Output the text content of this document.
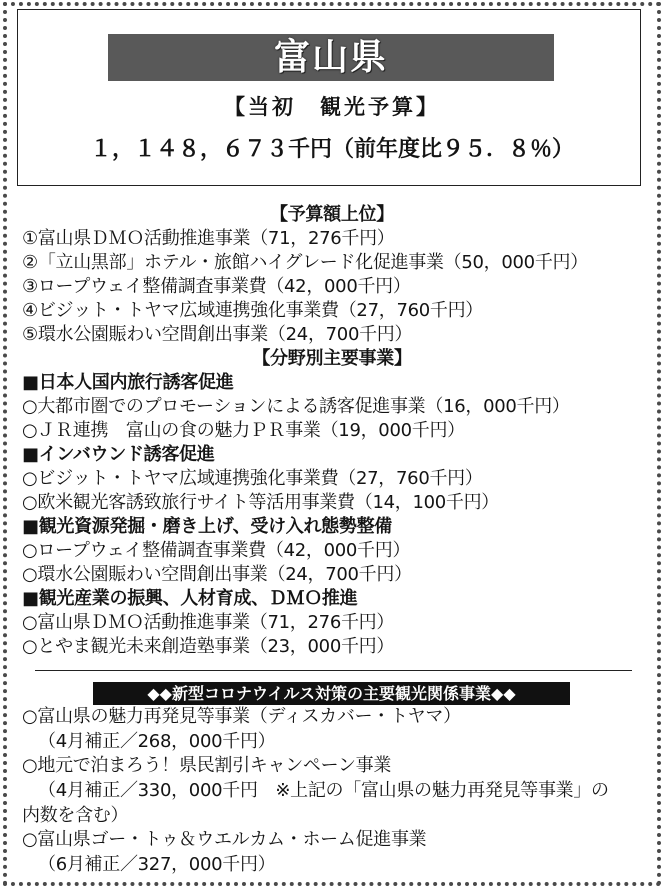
富山県
【当初　観光予算】
１，１４８，６７３千円（前年度比９５．８％）
【予算額上位】
①富山県ＤＭＯ活動推進事業（71，276千円）
②「立山黒部」ホテル・旅館ハイグレード化促進事業（50，000千円）
③ロープウェイ整備調査事業費（42，000千円）
④ビジット・トヤマ広域連携強化事業費（27，760千円）
⑤環水公園賑わい空間創出事業（24，700千円）
【分野別主要事業】
■日本人国内旅行誘客促進
○大都市圏でのプロモーションによる誘客促進事業（16，000千円）
○ＪＲ連携　富山の食の魅力ＰＲ事業（19，000千円）
■インバウンド誘客促進
○ビジット・トヤマ広域連携強化事業費（27，760千円）
○欧米観光客誘致旅行サイト等活用事業費（14，100千円）
■観光資源発掘・磨き上げ、受け入れ態勢整備
○ロープウェイ整備調査事業費（42，000千円）
○環水公園賑わい空間創出事業（24，700千円）
■観光産業の振興、人材育成、ＤＭＯ推進
○富山県ＤＭＯ活動推進事業（71，276千円）
○とやま観光未来創造塾事業（23，000千円）
◆◆新型コロナウイルス対策の主要観光関係事業◆◆
○富山県の魅力再発見等事業（ディスカバー・トヤマ）
（4月補正／268，000千円）
○地元で泊まろう！県民割引キャンペーン事業
（4月補正／330，000千円　※上記の「富山県の魅力再発見等事業」の
内数を含む）
○富山県ゴー・トゥ＆ウエルカム・ホーム促進事業
（6月補正／327，000千円）
